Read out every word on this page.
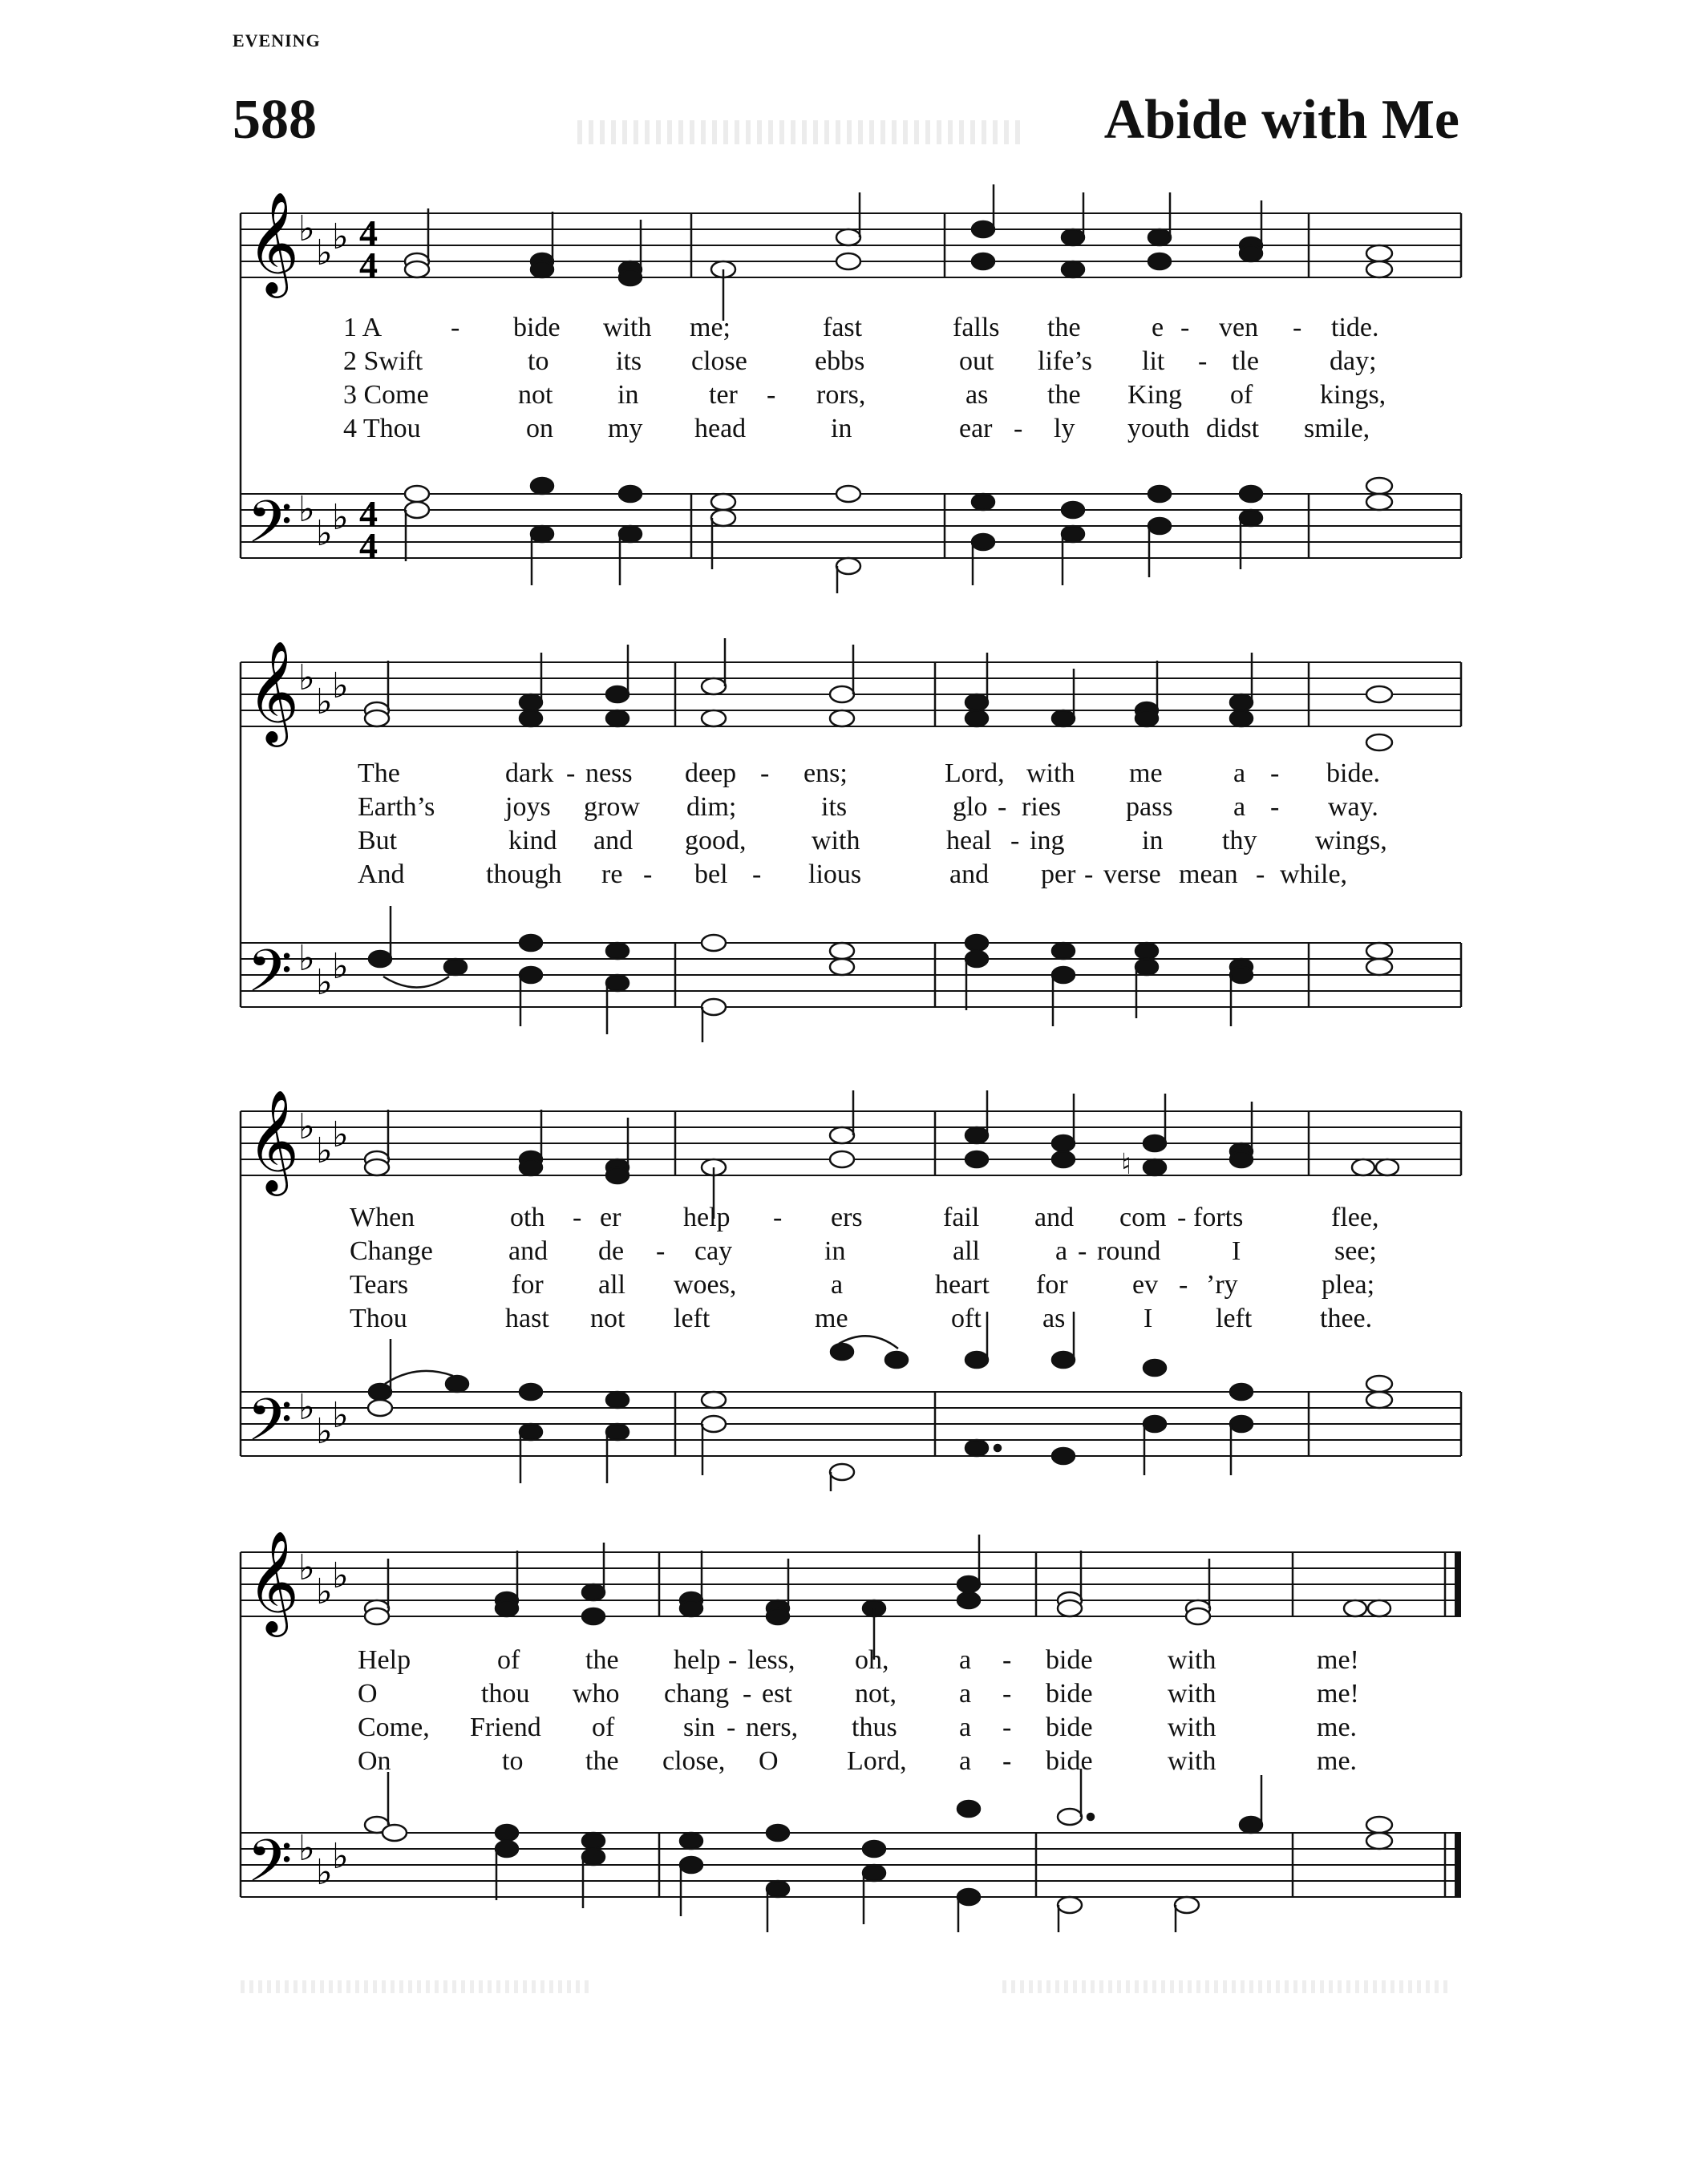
EVENING
588	Abide with Me
𝄞
𝄢
♭
♭ ♭
♭
♭ ♭
4
4
4
4
1 A	- bide with me;	fast	falls the	e - ven - tide.
2 Swift	to its close ebbs	out life’s lit - tle	day;
3 Come	not in	ter - rors,	as the King of kings,
4 Thou	on my head	in	ear - ly youth didst smile,
𝄞
𝄢
♭
♭ ♭
♭
♭ ♭
The	dark - ness deep - ens;	Lord, with me	a - bide.
Earth’s	joys grow dim;	its	glo - ries pass a - way.
But	kind and good, with	heal - ing	in thy wings,
And	though re - bel - lious	and per - verse mean - while,
𝄞
𝄢
♭
♭ ♭
♭
♭ ♭
♮
When	oth - er help - ers	fail and com - forts	flee,
Change	and de - cay	in	all	a - round	I	see;
Tears	for all woes,	a	heart for ev - ’ry	plea;
Thou	hast not left	me	oft as	I left thee.
𝄞
𝄢
♭
♭ ♭
♭
♭ ♭
Help	of the help - less, oh,	a - bide	with	me!
O	thou who chang - est not, a - bide	with	me!
Come, Friend of	sin - ners, thus a - bide	with	me.
On	to the close, O	Lord, a - bide	with	me.
